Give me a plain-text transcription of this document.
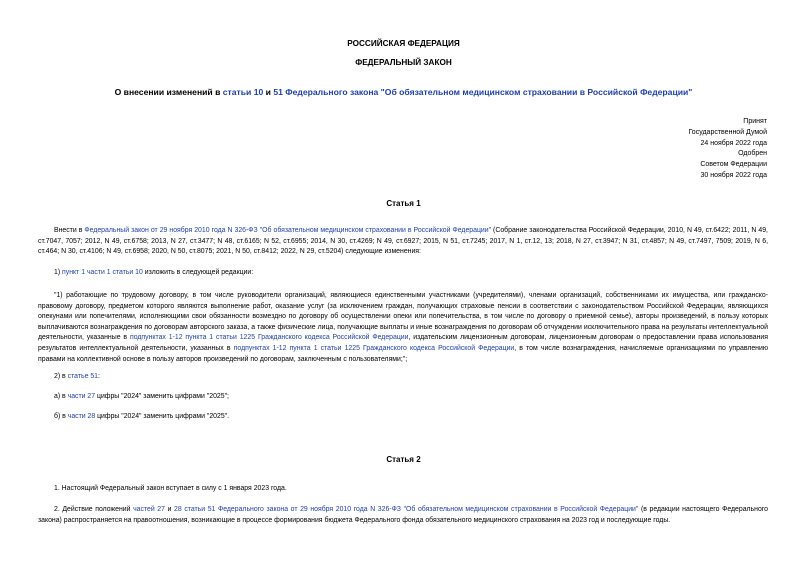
РОССИЙСКАЯ ФЕДЕРАЦИЯ
ФЕДЕРАЛЬНЫЙ ЗАКОН
О внесении изменений в статьи 10 и 51 Федерального закона "Об обязательном медицинском страховании в Российской Федерации"
Принят
Государственной Думой
24 ноября 2022 года
Одобрен
Советом Федерации
30 ноября 2022 года
Статья 1

Внести в Федеральный закон от 29 ноября 2010 года N 326-ФЗ "Об обязательном медицинском страховании в Российской Федерации" (Собрание законодательства Российской Федерации, 2010, N 49, ст.6422; 2011, N 49, ст.7047, 7057; 2012, N 49, ст.6758; 2013, N 27, ст.3477; N 48, ст.6165; N 52, ст.6955; 2014, N 30, ст.4269; N 49, ст.6927; 2015, N 51, ст.7245; 2017, N 1, ст.12, 13; 2018, N 27, ст.3947; N 31, ст.4857; N 49, ст.7497, 7509; 2019, N 6, ст.464; N 30, ст.4106; N 49, ст.6958; 2020, N 50, ст.8075; 2021, N 50, ст.8412; 2022, N 29, ст.5204) следующие изменения:

1) пункт 1 части 1 статьи 10 изложить в следующей редакции:

"1) работающие по трудовому договору, в том числе руководители организаций, являющиеся единственными участниками (учредителями), членами организаций, собственниками их имущества, или гражданско-правовому договору, предметом которого являются выполнение работ, оказание услуг (за исключением граждан, получающих страховые пенсии в соответствии с законодательством Российской Федерации, являющихся опекунами или попечителями, исполняющими свои обязанности возмездно по договору об осуществлении опеки или попечительства, в том числе по договору о приемной семье), авторы произведений, в пользу которых выплачиваются вознаграждения по договорам авторского заказа, а также физические лица, получающие выплаты и иные вознаграждения по договорам об отчуждении исключительного права на результаты интеллектуальной деятельности, указанные в подпунктах 1-12 пункта 1 статьи 1225 Гражданского кодекса Российской Федерации, издательским лицензионным договорам, лицензионным договорам о предоставлении права использования результатов интеллектуальной деятельности, указанных в подпунктах 1-12 пункта 1 статьи 1225 Гражданского кодекса Российской Федерации, в том числе вознаграждения, начисляемые организациями по управлению правами на коллективной основе в пользу авторов произведений по договорам, заключенным с пользователями;";

2) в статье 51:

а) в части 27 цифры "2024" заменить цифрами "2025";

б) в части 28 цифры "2024" заменить цифрами "2025".

Статья 2

1. Настоящий Федеральный закон вступает в силу с 1 января 2023 года.

2. Действие положений частей 27 и 28 статьи 51 Федерального закона от 29 ноября 2010 года N 326-ФЗ "Об обязательном медицинском страховании в Российской Федерации" (в редакции настоящего Федерального закона) распространяется на правоотношения, возникающие в процессе формирования бюджета Федерального фонда обязательного медицинского страхования на 2023 год и последующие годы.
